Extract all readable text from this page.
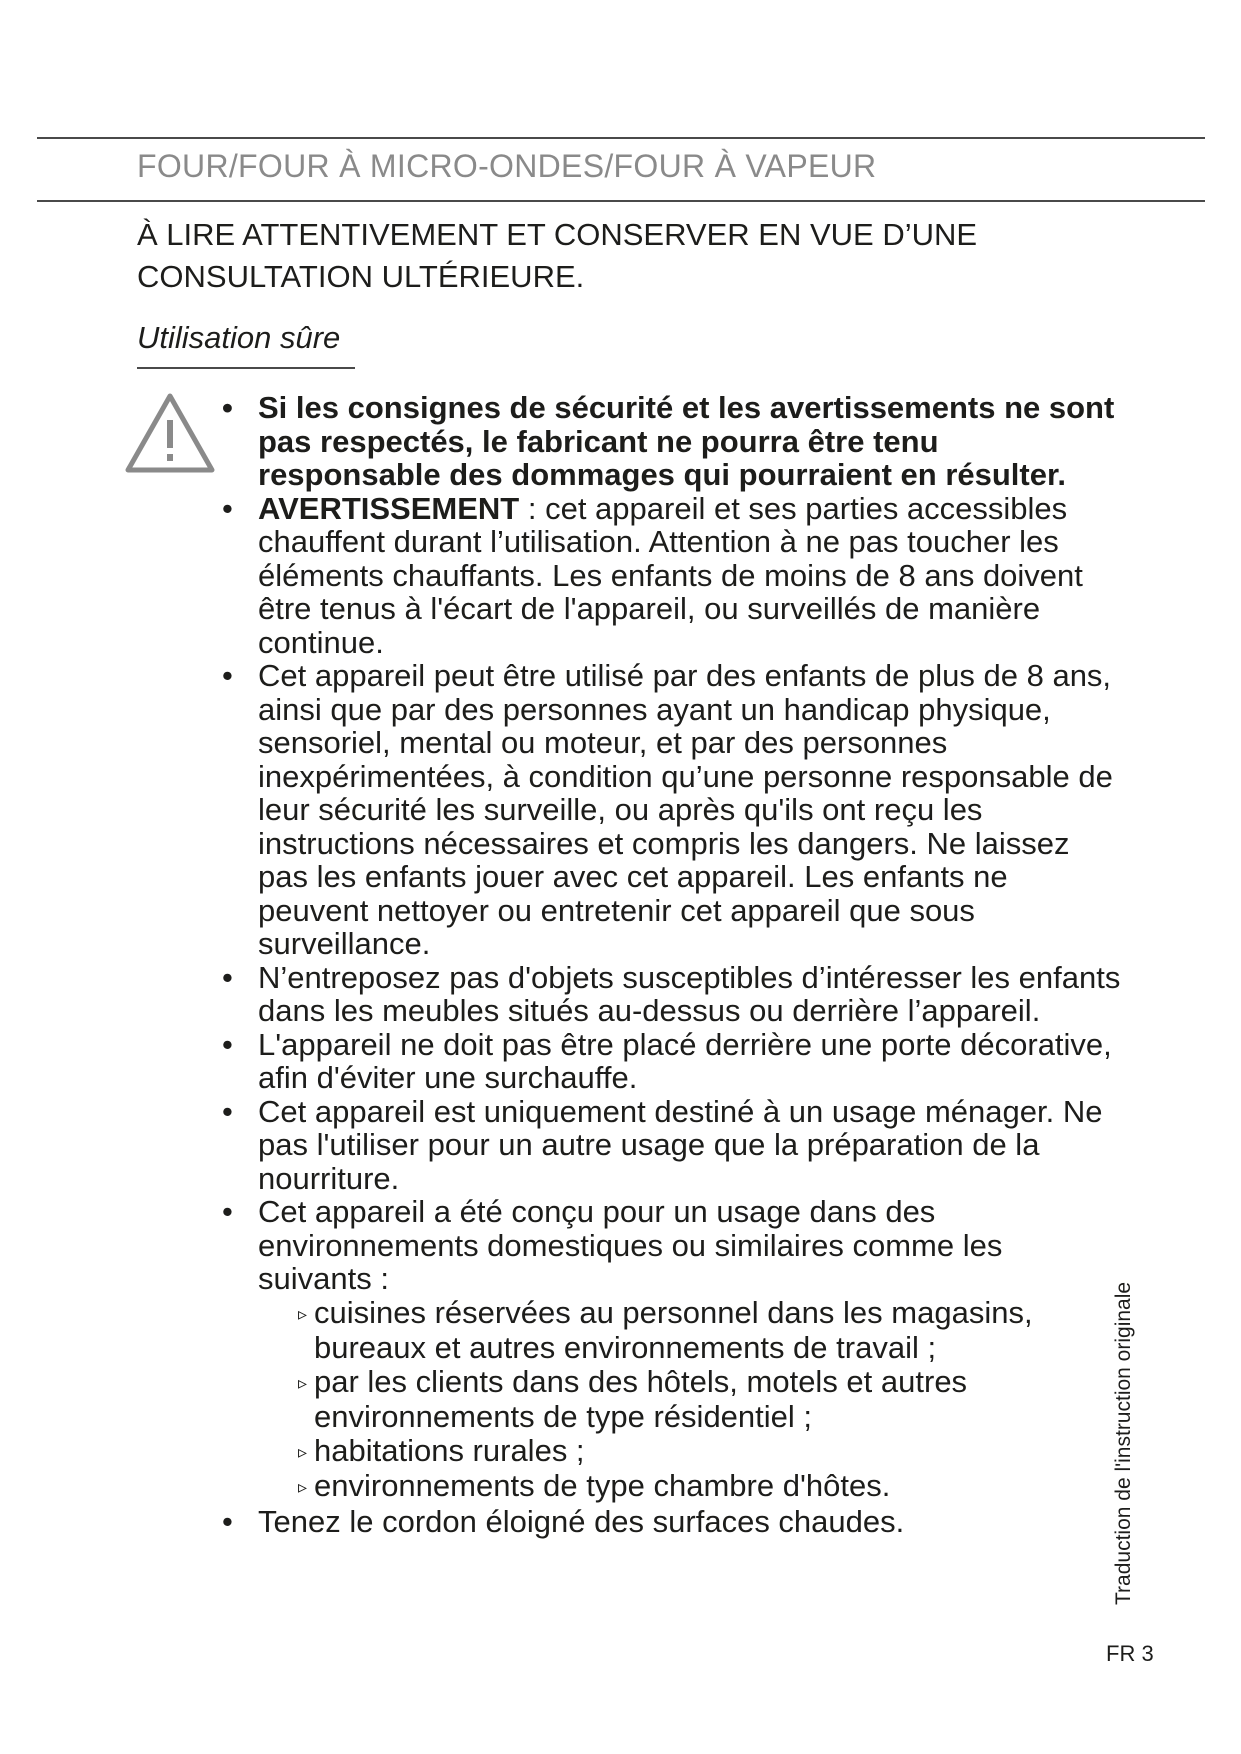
FOUR/FOUR À MICRO-ONDES/FOUR À VAPEUR
À LIRE ATTENTIVEMENT ET CONSERVER EN VUE D’UNE CONSULTATION ULTÉRIEURE.
Utilisation sûre
• Si les consignes de sécurité et les avertissements ne sont pas respectés, le fabricant ne pourra être tenu responsable des dommages qui pourraient en résulter.
• AVERTISSEMENT : cet appareil et ses parties accessibles chauffent durant l’utilisation. Attention à ne pas toucher les éléments chauffants. Les enfants de moins de 8 ans doivent être tenus à l'écart de l'appareil, ou surveillés de manière continue.
• Cet appareil peut être utilisé par des enfants de plus de 8 ans, ainsi que par des personnes ayant un handicap physique, sensoriel, mental ou moteur, et par des personnes inexpérimentées, à condition qu’une personne responsable de leur sécurité les surveille, ou après qu'ils ont reçu les instructions nécessaires et compris les dangers. Ne laissez pas les enfants jouer avec cet appareil. Les enfants ne peuvent nettoyer ou entretenir cet appareil que sous surveillance.
• N’entreposez pas d'objets susceptibles d’intéresser les enfants dans les meubles situés au-dessus ou derrière l’appareil.
• L'appareil ne doit pas être placé derrière une porte décorative, afin d'éviter une surchauffe.
• Cet appareil est uniquement destiné à un usage ménager. Ne pas l'utiliser pour un autre usage que la préparation de la nourriture.
• Cet appareil a été conçu pour un usage dans des environnements domestiques ou similaires comme les suivants :
▹ cuisines réservées au personnel dans les magasins, bureaux et autres environnements de travail ;
▹ par les clients dans des hôtels, motels et autres environnements de type résidentiel ;
▹ habitations rurales ;
▹ environnements de type chambre d'hôtes.
• Tenez le cordon éloigné des surfaces chaudes.	Traduction de l'instruction originale
FR 3
